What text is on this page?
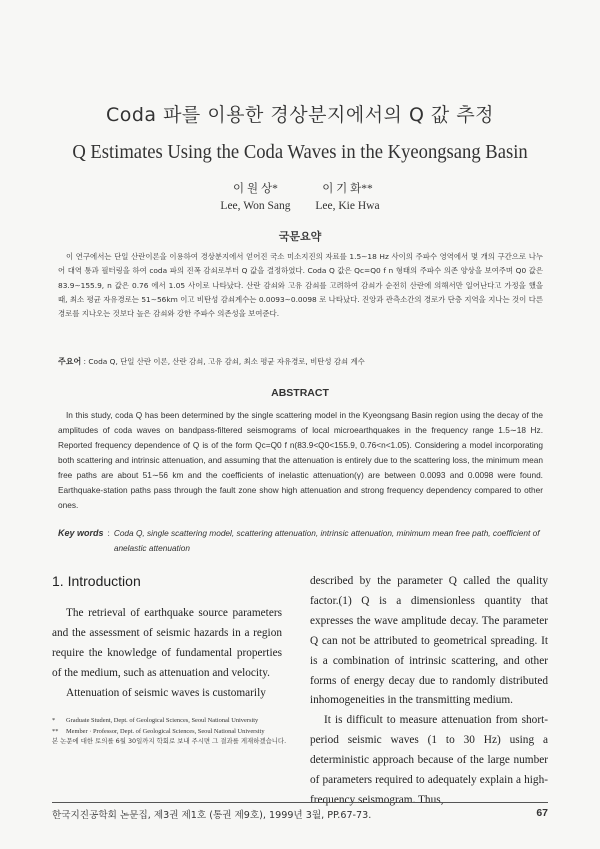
Coda 파를 이용한 경상분지에서의 Q 값 추정
Q Estimates Using the Coda Waves in the Kyeongsang Basin
이 원 상*
Lee, Won Sang

이 기 화**
Lee, Kie Hwa
국문요약

이 연구에서는 단일 산란이론을 이용하여 경상분지에서 얻어진 국소 미소지진의 자료를 1.5∼18 Hz 사이의 주파수 영역에서 몇 개의 구간으로 나누어 대역 통과 필터링을 하여 coda 파의 진폭 감쇠로부터 Q 값을 결정하였다. Coda Q 값은 Qc=Q0 f n 형태의 주파수 의존 양상을 보여주며 Q0 값은 83.9∼155.9, n 값은 0.76 에서 1.05 사이로 나타났다. 산란 감쇠와 고유 감쇠를 고려하여 감쇠가 순전히 산란에 의해서만 일어난다고 가정을 했을 때, 최소 평균 자유경로는 51∼56km 이고 비탄성 감쇠계수는 0.0093∼0.0098 로 나타났다. 진앙과 관측소간의 경로가 단층 지역을 지나는 것이 다른 경로를 지나오는 것보다 높은 감쇠와 강한 주파수 의존성을 보여준다.

주요어 : Coda Q, 단일 산란 이론, 산란 감쇠, 고유 감쇠, 최소 평균 자유경로, 비탄성 감쇠 계수
ABSTRACT

In this study, coda Q has been determined by the single scattering model in the Kyeongsang Basin region using the decay of the amplitudes of coda waves on bandpass-filtered seismograms of local microearthquakes in the frequency range 1.5∼18 Hz. Reported frequency dependence of Q is of the form Qc=Q0 f n(83.9<Q0<155.9, 0.76<n<1.05). Considering a model incorporating both scattering and intrinsic attenuation, and assuming that the attenuation is entirely due to the scattering loss, the minimum mean free paths are about 51∼56 km and the coefficients of inelastic attenuation(γ) are between 0.0093 and 0.0098 were found. Earthquake-station paths pass through the fault zone show high attenuation and strong frequency dependency compared to other ones.

Key words : Coda Q, single scattering model, scattering attenuation, intrinsic attenuation, minimum mean free path, coefficient of anelastic attenuation
1. Introduction

The retrieval of earthquake source parameters and the assessment of seismic hazards in a region require the knowledge of fundamental properties of the medium, such as attenuation and velocity.

Attenuation of seismic waves is customarily

described by the parameter Q called the quality factor.(1) Q is a dimensionless quantity that expresses the wave amplitude decay. The parameter Q can not be attributed to geometrical spreading. It is a combination of intrinsic scattering, and other forms of energy decay due to randomly distributed inhomogeneities in the transmitting medium.

It is difficult to measure attenuation from short-period seismic waves (1 to 30 Hz) using a deterministic approach because of the large number of parameters required to adequately explain a high-frequency seismogram. Thus,

*	Graduate Student, Dept. of Geological Sciences, Seoul National University
**	Member · Professor, Dept. of Geological Sciences, Seoul National University
본 논문에 대한 토의를 6월 30일까지 학회로 보내 주시면 그 결과를 게재하겠습니다.
한국지진공학회 논문집, 제3권 제1호 (통권 제9호), 1999년 3월, PP.67-73.	67
